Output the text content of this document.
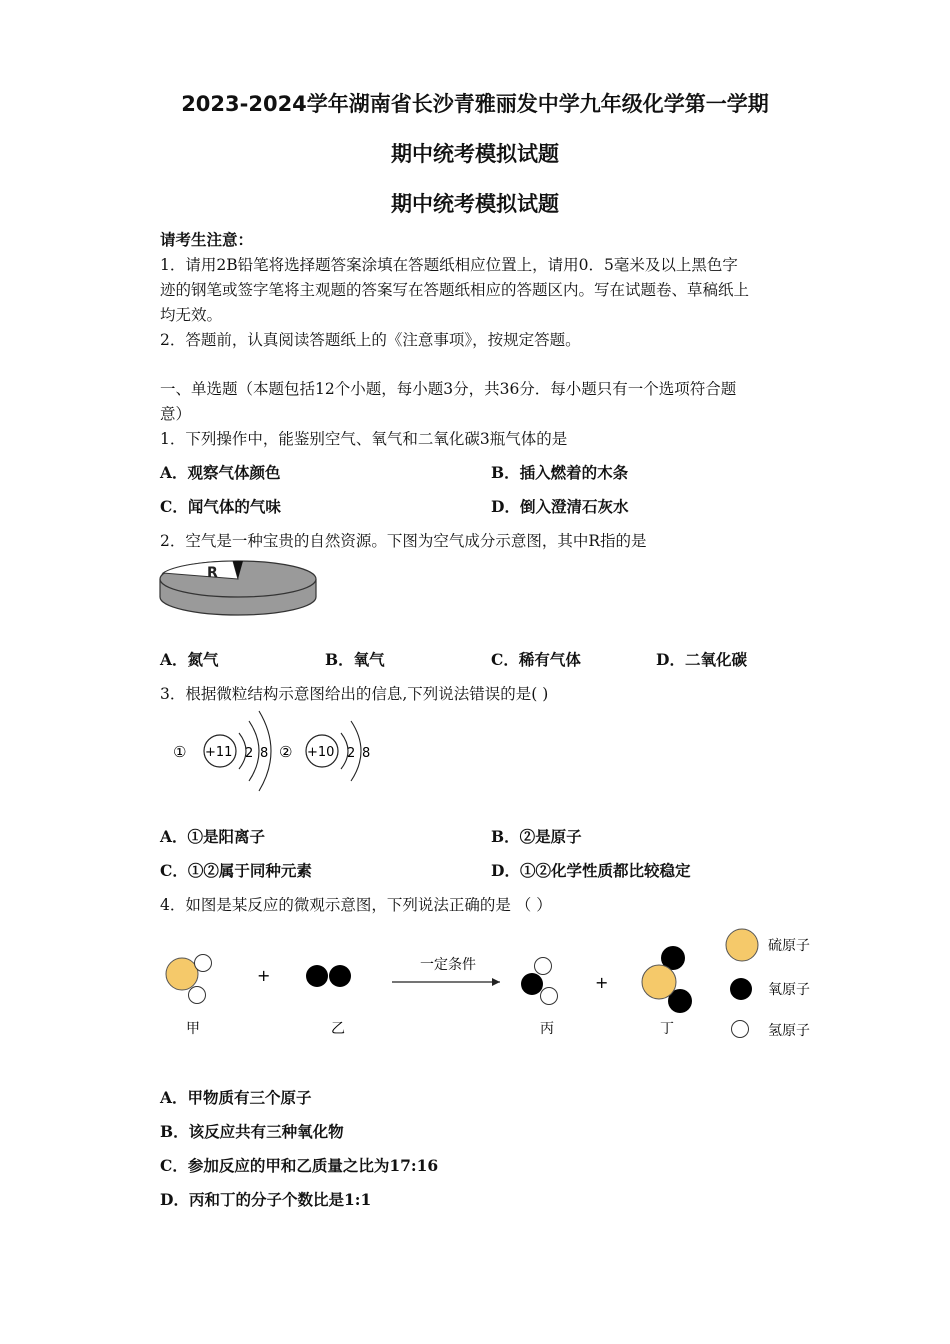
2023-2024学年湖南省长沙青雅丽发中学九年级化学第一学期
期中统考模拟试题
期中统考模拟试题
请考生注意：
1．请用2B铅笔将选择题答案涂填在答题纸相应位置上，请用0．5毫米及以上黑色字
迹的钢笔或签字笔将主观题的答案写在答题纸相应的答题区内。写在试题卷、草稿纸上
均无效。
2．答题前，认真阅读答题纸上的《注意事项》，按规定答题。
一、单选题（本题包括12个小题，每小题3分，共36分．每小题只有一个选项符合题
意）
1．下列操作中，能鉴别空气、氧气和二氧化碳3瓶气体的是
A．观察气体颜色	B．插入燃着的木条
C．闻气体的气味	D．倒入澄清石灰水
2．空气是一种宝贵的自然资源。下图为空气成分示意图，其中R指的是
R
A．氮气	B．氧气	C．稀有气体	D．二氧化碳
3．根据微粒结构示意图给出的信息,下列说法错误的是( )
① +11 2 8 ② +10 2 8
A．①是阳离子	B．②是原子
C．①②属于同种元素	D．①②化学性质都比较稳定
4．如图是某反应的微观示意图，下列说法正确的是 （ ）
+
一定条件
+
甲	乙	丙	丁
硫原子
氧原子
氢原子
A．甲物质有三个原子
B．该反应共有三种氧化物
C．参加反应的甲和乙质量之比为17:16
D．丙和丁的分子个数比是1:1
